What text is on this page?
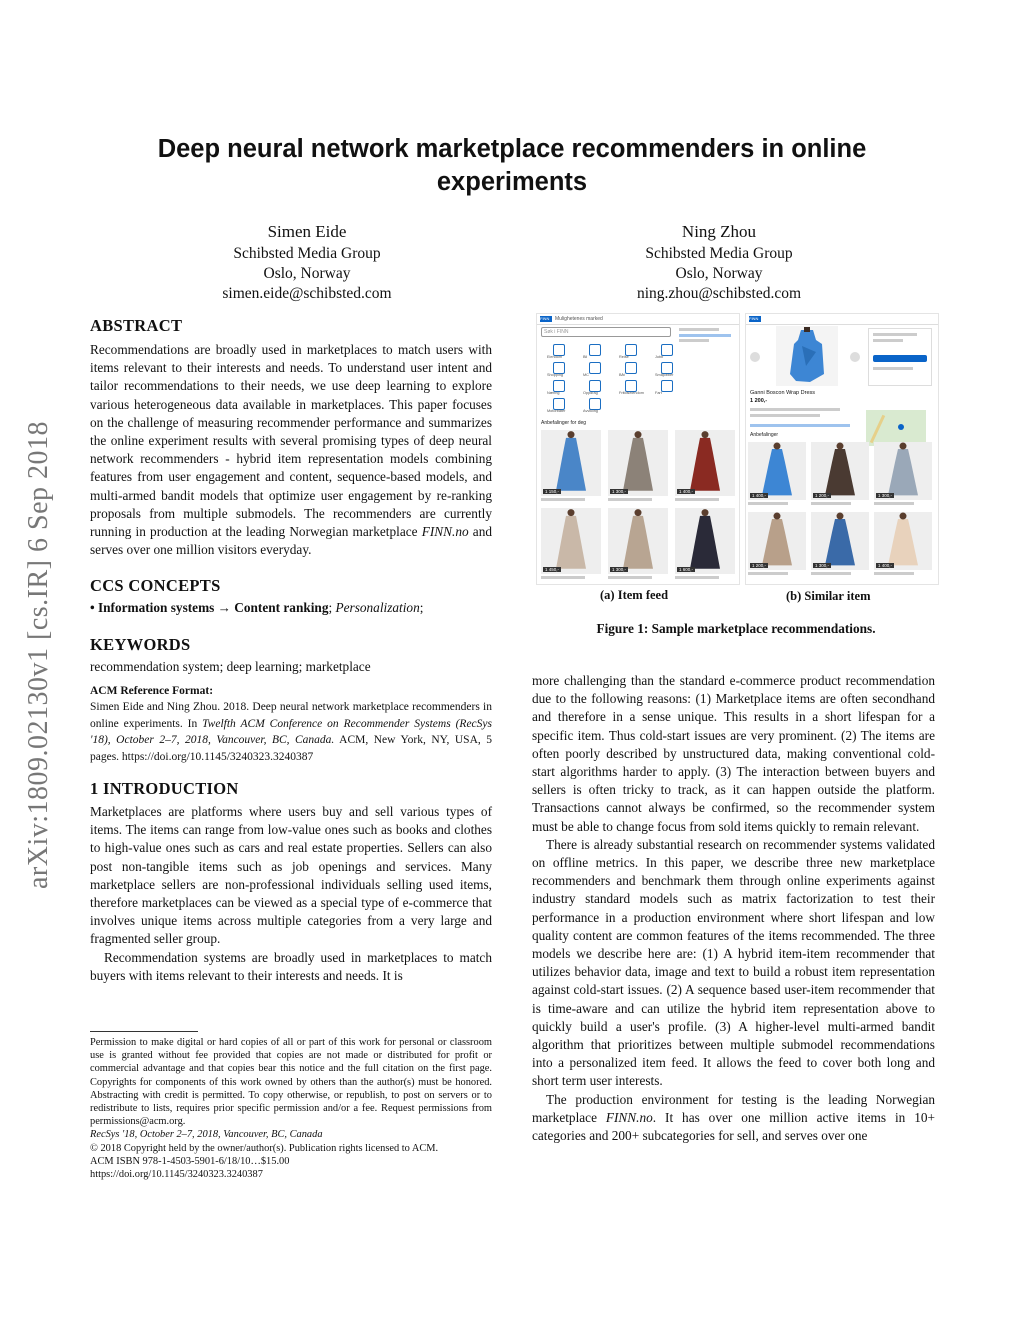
arXiv:1809.02130v1 [cs.IR] 6 Sep 2018
Deep neural network marketplace recommenders in online experiments
Simen Eide
Schibsted Media Group
Oslo, Norway
simen.eide@schibsted.com
Ning Zhou
Schibsted Media Group
Oslo, Norway
ning.zhou@schibsted.com
ABSTRACT

Recommendations are broadly used in marketplaces to match users with items relevant to their interests and needs. To understand user intent and tailor recommendations to their needs, we use deep learning to explore various heterogeneous data available in marketplaces. This paper focuses on the challenge of measuring recommender performance and summarizes the online experiment results with several promising types of deep neural network recommenders - hybrid item representation models combining features from user engagement and content, sequence-based models, and multi-armed bandit models that optimize user engagement by re-ranking proposals from multiple submodels. The recommenders are currently running in production at the leading Norwegian marketplace FINN.no and serves over one million visitors everyday.

CCS CONCEPTS

• Information systems → Content ranking; Personalization;

KEYWORDS

recommendation system; deep learning; marketplace

ACM Reference Format:

Simen Eide and Ning Zhou. 2018. Deep neural network marketplace recommenders in online experiments. In Twelfth ACM Conference on Recommender Systems (RecSys '18), October 2–7, 2018, Vancouver, BC, Canada. ACM, New York, NY, USA, 5 pages. https://doi.org/10.1145/3240323.3240387

1 INTRODUCTION

Marketplaces are platforms where users buy and sell various types of items. The items can range from low-value ones such as books and clothes to high-value ones such as cars and real estate properties. Sellers can also post non-tangible items such as job openings and services. Many marketplace sellers are non-professional individuals selling used items, therefore marketplaces can be viewed as a special type of e-commerce that involves unique items across multiple categories from a very large and fragmented seller group.

Recommendation systems are broadly used in marketplaces to match buyers with items relevant to their interests and needs. It is

Permission to make digital or hard copies of all or part of this work for personal or classroom use is granted without fee provided that copies are not made or distributed for profit or commercial advantage and that copies bear this notice and the full citation on the first page. Copyrights for components of this work owned by others than the author(s) must be honored. Abstracting with credit is permitted. To copy otherwise, or republish, to post on servers or to redistribute to lists, requires prior specific permission and/or a fee. Request permissions from permissions@acm.org.
RecSys '18, October 2–7, 2018, Vancouver, BC, Canada
© 2018 Copyright held by the owner/author(s). Publication rights licensed to ACM.
ACM ISBN 978-1-4503-5901-6/18/10…$15.00
https://doi.org/10.1145/3240323.3240387
FINN Mulighetenes marked
Søk i FINN
Eiendom	Bil	Reise	Jobb
Shopping	MC	Båt	Småjobber
Næring	Oppdrag	Fritidseiendom	Fart
Motorbåter	Avvikling
Anbefalinger for deg
1 150,-	1 300,-	1 400,-
1 450,-	1 300,-	1 600,-
FINN
Ganni Boscon Wrap Dress
1 200,-
Anbefalinger
1 400,-	1 200,-	1 300,-
1 200,-	1 300,-	1 400,-
(a) Item feed	(b) Similar item
Figure 1: Sample marketplace recommendations.

more challenging than the standard e-commerce product recommendation due to the following reasons: (1) Marketplace items are often secondhand and therefore in a sense unique. This results in a short lifespan for a specific item. Thus cold-start issues are very prominent. (2) The items are often poorly described by unstructured data, making conventional cold-start algorithms harder to apply. (3) The interaction between buyers and sellers is often tricky to track, as it can happen outside the platform. Transactions cannot always be confirmed, so the recommender system must be able to change focus from sold items quickly to remain relevant.

There is already substantial research on recommender systems validated on offline metrics. In this paper, we describe three new marketplace recommenders and benchmark them through online experiments against industry standard models such as matrix factorization to test their performance in a production environment where short lifespan and low quality content are common features of the items recommended. The three models we describe here are: (1) A hybrid item-item recommender that utilizes behavior data, image and text to build a robust item representation against cold-start issues. (2) A sequence based user-item recommender that is time-aware and can utilize the hybrid item representation above to quickly build a user's profile. (3) A higher-level multi-armed bandit algorithm that prioritizes between multiple submodel recommendations into a personalized item feed. It allows the feed to cover both long and short term user interests.

The production environment for testing is the leading Norwegian marketplace FINN.no. It has over one million active items in 10+ categories and 200+ subcategories for sell, and serves over one
